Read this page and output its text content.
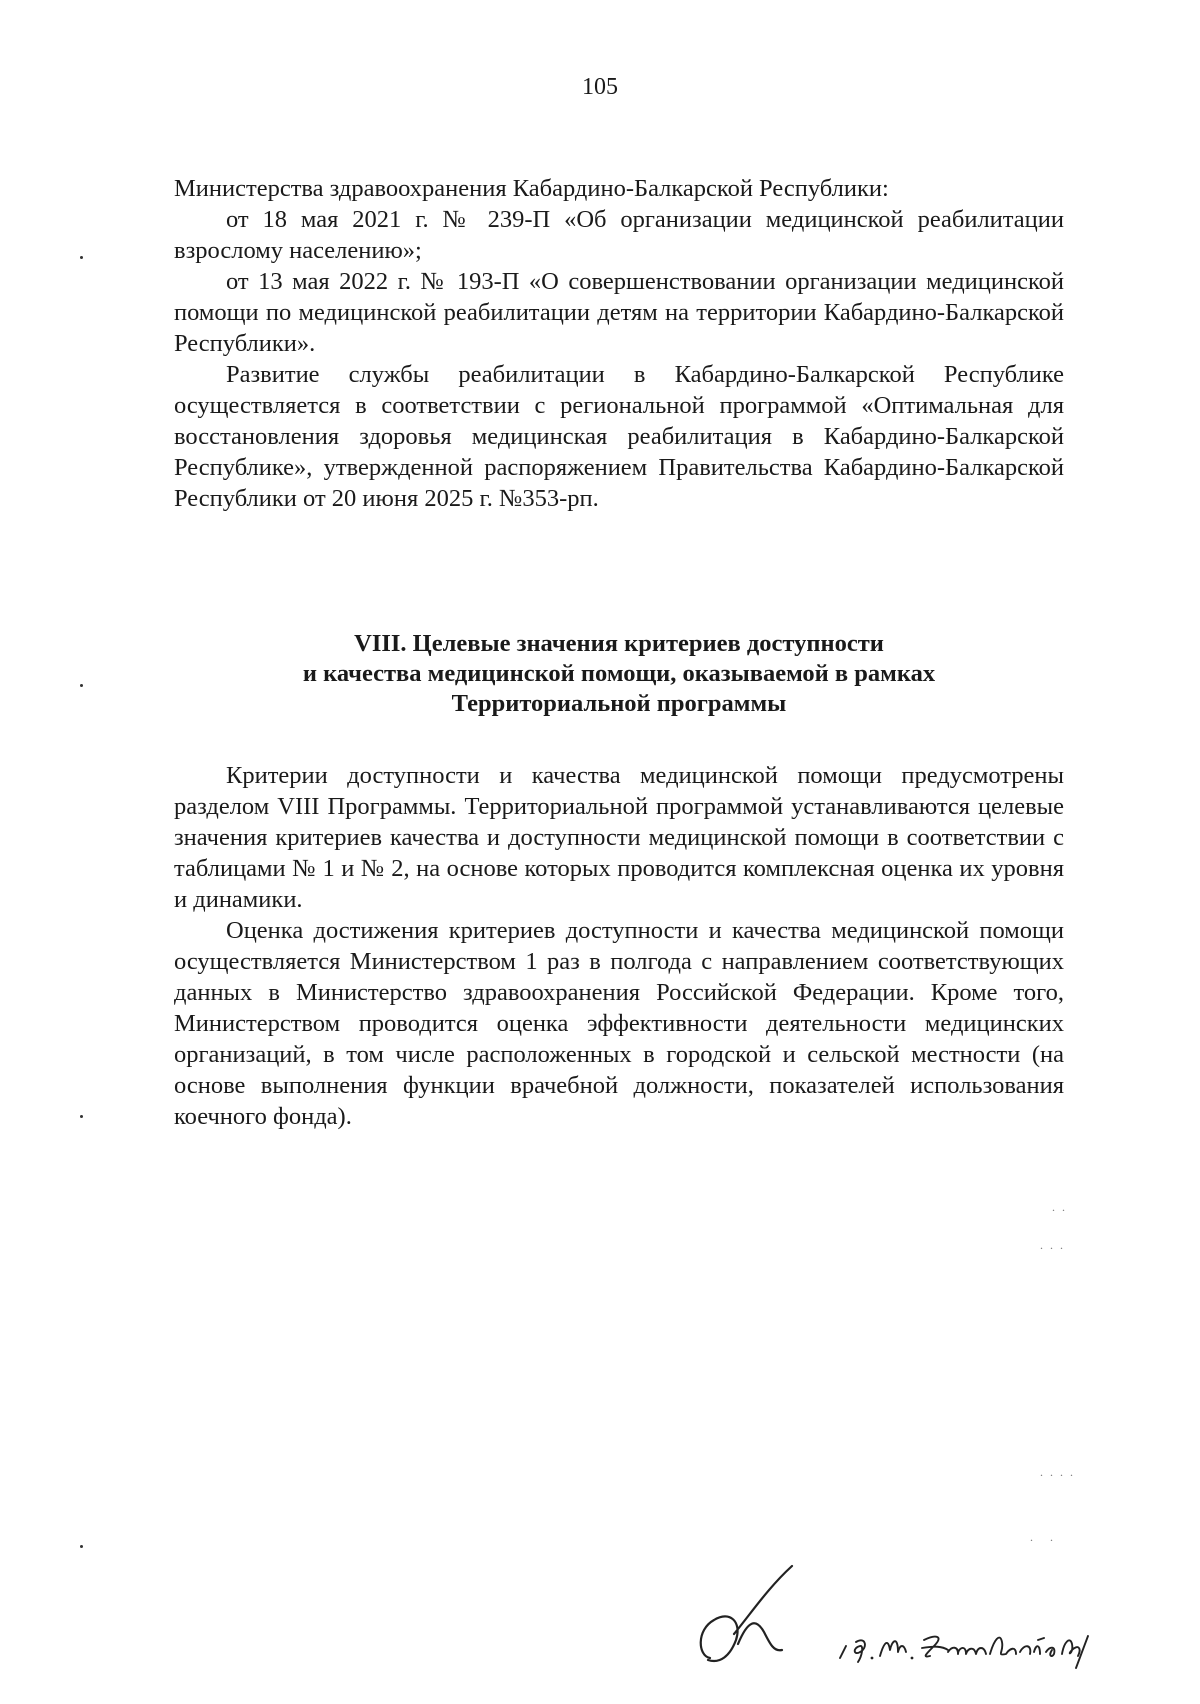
105

Министерства здравоохранения Кабардино-Балкарской Республики:

от 18 мая 2021 г. № 239-П «Об организации медицинской реабилитации взрослому населению»;

от 13 мая 2022 г. № 193-П «О совершенствовании организации медицинской помощи по медицинской реабилитации детям на территории Кабардино-Балкарской Республики».

Развитие службы реабилитации в Кабардино-Балкарской Республике осуществляется в соответствии с региональной программой «Оптимальная для восстановления здоровья медицинская реабилитация в Кабардино-Балкарской Республике», утвержденной распоряжением Правительства Кабардино-Балкарской Республики от 20 июня 2025 г. №353-рп.

VIII. Целевые значения критериев доступности
и качества медицинской помощи, оказываемой в рамках
Территориальной программы

Критерии доступности и качества медицинской помощи предусмотрены разделом VIII Программы. Территориальной программой устанавливаются целевые значения критериев качества и доступности медицинской помощи в соответствии с таблицами № 1 и № 2, на основе которых проводится комплексная оценка их уровня и динамики.

Оценка достижения критериев доступности и качества медицинской помощи осуществляется Министерством 1 раз в полгода с направлением соответствующих данных в Министерство здравоохранения Российской Федерации. Кроме того, Министерством проводится оценка эффективности деятельности медицинских организаций, в том числе расположенных в городской и сельской местности (на основе выполнения функции врачебной должности, показателей использования коечного фонда).

. .
. . .
. . . .
.   .
